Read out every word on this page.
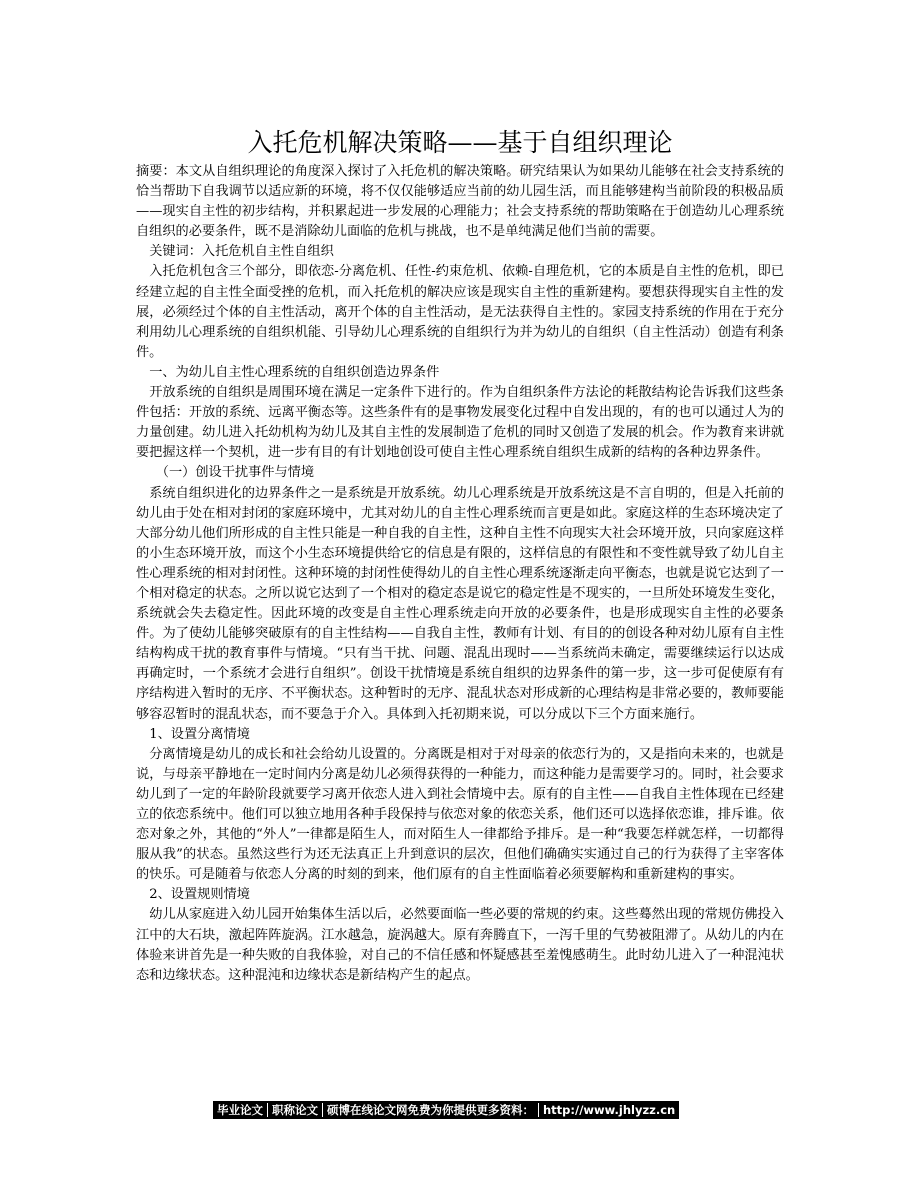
入托危机解决策略——基于自组织理论

摘要：本文从自组织理论的角度深入探讨了入托危机的解决策略。研究结果认为如果幼儿能够在社会支持系统的恰当帮助下自我调节以适应新的环境，将不仅仅能够适应当前的幼儿园生活，而且能够建构当前阶段的积极品质——现实自主性的初步结构，并积累起进一步发展的心理能力；社会支持系统的帮助策略在于创造幼儿心理系统自组织的必要条件，既不是消除幼儿面临的危机与挑战，也不是单纯满足他们当前的需要。

关键词：入托危机自主性自组织

入托危机包含三个部分，即依恋-分离危机、任性-约束危机、依赖-自理危机，它的本质是自主性的危机，即已经建立起的自主性全面受挫的危机，而入托危机的解决应该是现实自主性的重新建构。要想获得现实自主性的发展，必须经过个体的自主性活动，离开个体的自主性活动，是无法获得自主性的。家园支持系统的作用在于充分利用幼儿心理系统的自组织机能、引导幼儿心理系统的自组织行为并为幼儿的自组织（自主性活动）创造有利条件。

一、为幼儿自主性心理系统的自组织创造边界条件

开放系统的自组织是周围环境在满足一定条件下进行的。作为自组织条件方法论的耗散结构论告诉我们这些条件包括：开放的系统、远离平衡态等。这些条件有的是事物发展变化过程中自发出现的，有的也可以通过人为的力量创建。幼儿进入托幼机构为幼儿及其自主性的发展制造了危机的同时又创造了发展的机会。作为教育来讲就要把握这样一个契机，进一步有目的有计划地创设可使自主性心理系统自组织生成新的结构的各种边界条件。

（一）创设干扰事件与情境

系统自组织进化的边界条件之一是系统是开放系统。幼儿心理系统是开放系统这是不言自明的，但是入托前的幼儿由于处在相对封闭的家庭环境中，尤其对幼儿的自主性心理系统而言更是如此。家庭这样的生态环境决定了大部分幼儿他们所形成的自主性只能是一种自我的自主性，这种自主性不向现实大社会环境开放，只向家庭这样的小生态环境开放，而这个小生态环境提供给它的信息是有限的，这样信息的有限性和不变性就导致了幼儿自主性心理系统的相对封闭性。这种环境的封闭性使得幼儿的自主性心理系统逐渐走向平衡态，也就是说它达到了一个相对稳定的状态。之所以说它达到了一个相对的稳定态是说它的稳定性是不现实的，一旦所处环境发生变化，系统就会失去稳定性。因此环境的改变是自主性心理系统走向开放的必要条件，也是形成现实自主性的必要条件。为了使幼儿能够突破原有的自主性结构——自我自主性，教师有计划、有目的的创设各种对幼儿原有自主性结构构成干扰的教育事件与情境。“只有当干扰、问题、混乱出现时——当系统尚未确定，需要继续运行以达成再确定时，一个系统才会进行自组织”。创设干扰情境是系统自组织的边界条件的第一步，这一步可促使原有有序结构进入暂时的无序、不平衡状态。这种暂时的无序、混乱状态对形成新的心理结构是非常必要的，教师要能够容忍暂时的混乱状态，而不要急于介入。具体到入托初期来说，可以分成以下三个方面来施行。

1、设置分离情境

分离情境是幼儿的成长和社会给幼儿设置的。分离既是相对于对母亲的依恋行为的，又是指向未来的，也就是说，与母亲平静地在一定时间内分离是幼儿必须得获得的一种能力，而这种能力是需要学习的。同时，社会要求幼儿到了一定的年龄阶段就要学习离开依恋人进入到社会情境中去。原有的自主性——自我自主性体现在已经建立的依恋系统中。他们可以独立地用各种手段保持与依恋对象的依恋关系，他们还可以选择依恋谁，排斥谁。依恋对象之外，其他的“外人”一律都是陌生人，而对陌生人一律都给予排斥。是一种“我要怎样就怎样，一切都得服从我”的状态。虽然这些行为还无法真正上升到意识的层次，但他们确确实实通过自己的行为获得了主宰客体的快乐。可是随着与依恋人分离的时刻的到来，他们原有的自主性面临着必须要解构和重新建构的事实。

2、设置规则情境

幼儿从家庭进入幼儿园开始集体生活以后，必然要面临一些必要的常规的约束。这些蓦然出现的常规仿佛投入江中的大石块，激起阵阵旋涡。江水越急，旋涡越大。原有奔腾直下，一泻千里的气势被阻滞了。从幼儿的内在体验来讲首先是一种失败的自我体验，对自己的不信任感和怀疑感甚至羞愧感萌生。此时幼儿进入了一种混沌状态和边缘状态。这种混沌和边缘状态是新结构产生的起点。

毕业论文 职称论文 硕博在线论文网免费为你提供更多资料： http://www.jhlyzz.cn
